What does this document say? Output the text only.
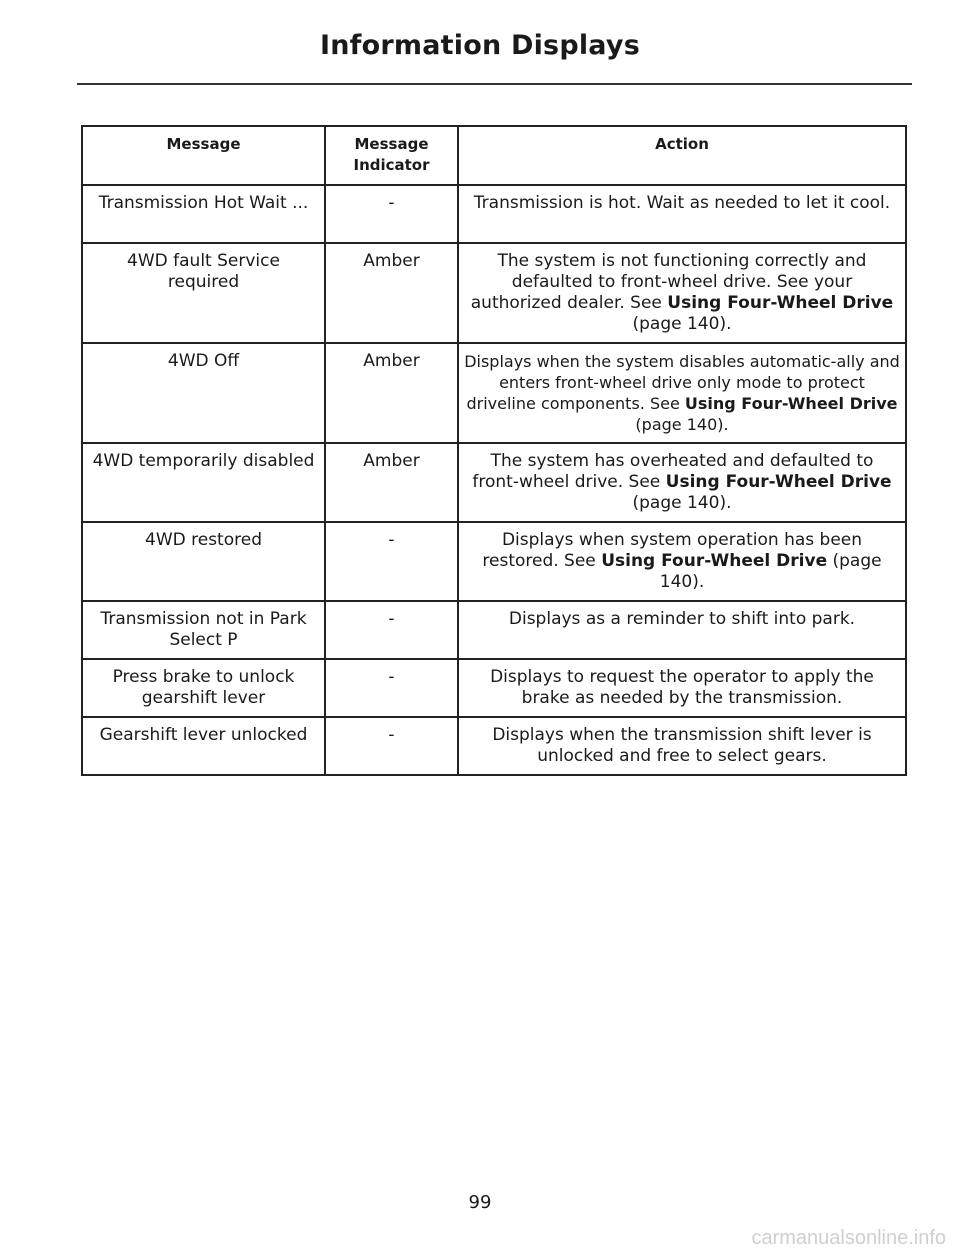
Information Displays
Message	Message Indicator	Action
Transmission Hot Wait ...	-	Transmission is hot. Wait as needed to let it cool.
4WD fault Service required	Amber	The system is not functioning correctly and defaulted to front-wheel drive. See your authorized dealer. See Using Four-Wheel Drive (page 140).
4WD Off	Amber	Displays when the system disables automatic-ally and enters front-wheel drive only mode to protect driveline components. See Using Four-Wheel Drive (page 140).
4WD temporarily disabled	Amber	The system has overheated and defaulted to front-wheel drive. See Using Four-Wheel Drive (page 140).
4WD restored	-	Displays when system operation has been restored. See Using Four-Wheel Drive (page 140).
Transmission not in Park Select P	-	Displays as a reminder to shift into park.
Press brake to unlock gearshift lever	-	Displays to request the operator to apply the brake as needed by the transmission.
Gearshift lever unlocked	-	Displays when the transmission shift lever is unlocked and free to select gears.
99
carmanualsonline.info
